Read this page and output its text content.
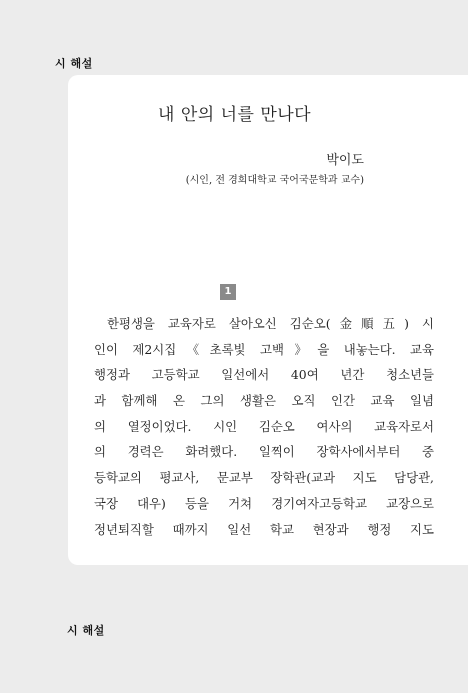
시 해설
내 안의 너를 만나다
박이도
(시인, 전 경희대학교 국어국문학과 교수)
1
한평생을 교육자로 살아오신 김순오(金順五) 시
인이 제2시집《초록빛 고백》을 내놓는다. 교육
행정과 고등학교 일선에서 40여 년간 청소년들
과 함께해 온 그의 생활은 오직 인간 교육 일념
의 열정이었다. 시인 김순오 여사의 교육자로서
의 경력은 화려했다. 일찍이 장학사에서부터 중
등학교의 평교사, 문교부 장학관(교과 지도 담당관,
국장 대우) 등을 거쳐 경기여자고등학교 교장으로
정년퇴직할 때까지 일선 학교 현장과 행정 지도
시 해설
